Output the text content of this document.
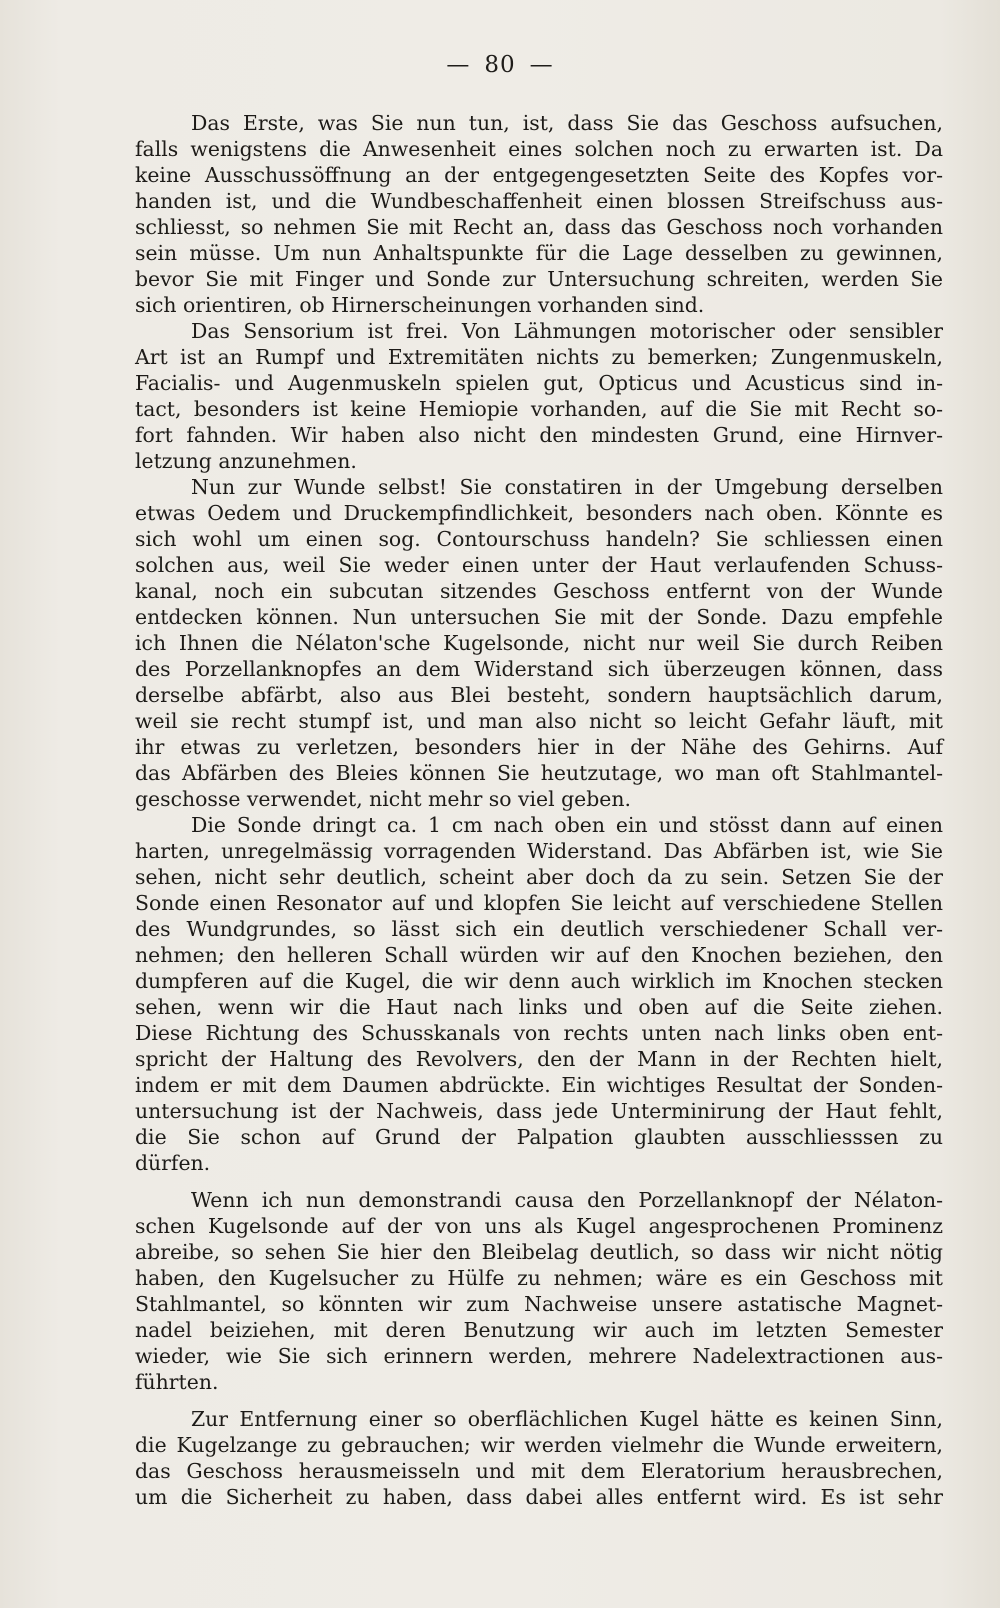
— 80 —
Das Erste, was Sie nun tun, ist, dass Sie das Geschoss aufsuchen,
falls wenigstens die Anwesenheit eines solchen noch zu erwarten ist. Da
keine Ausschussöffnung an der entgegengesetzten Seite des Kopfes vor-
handen ist, und die Wundbeschaffenheit einen blossen Streifschuss aus-
schliesst, so nehmen Sie mit Recht an, dass das Geschoss noch vorhanden
sein müsse. Um nun Anhaltspunkte für die Lage desselben zu gewinnen,
bevor Sie mit Finger und Sonde zur Untersuchung schreiten, werden Sie
sich orientiren, ob Hirnerscheinungen vorhanden sind.
Das Sensorium ist frei. Von Lähmungen motorischer oder sensibler
Art ist an Rumpf und Extremitäten nichts zu bemerken; Zungenmuskeln,
Facialis- und Augenmuskeln spielen gut, Opticus und Acusticus sind in-
tact, besonders ist keine Hemiopie vorhanden, auf die Sie mit Recht so-
fort fahnden. Wir haben also nicht den mindesten Grund, eine Hirnver-
letzung anzunehmen.
Nun zur Wunde selbst! Sie constatiren in der Umgebung derselben
etwas Oedem und Druckempfindlichkeit, besonders nach oben. Könnte es
sich wohl um einen sog. Contourschuss handeln? Sie schliessen einen
solchen aus, weil Sie weder einen unter der Haut verlaufenden Schuss-
kanal, noch ein subcutan sitzendes Geschoss entfernt von der Wunde
entdecken können. Nun untersuchen Sie mit der Sonde. Dazu empfehle
ich Ihnen die Nélaton'sche Kugelsonde, nicht nur weil Sie durch Reiben
des Porzellanknopfes an dem Widerstand sich überzeugen können, dass
derselbe abfärbt, also aus Blei besteht, sondern hauptsächlich darum,
weil sie recht stumpf ist, und man also nicht so leicht Gefahr läuft, mit
ihr etwas zu verletzen, besonders hier in der Nähe des Gehirns. Auf
das Abfärben des Bleies können Sie heutzutage, wo man oft Stahlmantel-
geschosse verwendet, nicht mehr so viel geben.
Die Sonde dringt ca. 1 cm nach oben ein und stösst dann auf einen
harten, unregelmässig vorragenden Widerstand. Das Abfärben ist, wie Sie
sehen, nicht sehr deutlich, scheint aber doch da zu sein. Setzen Sie der
Sonde einen Resonator auf und klopfen Sie leicht auf verschiedene Stellen
des Wundgrundes, so lässt sich ein deutlich verschiedener Schall ver-
nehmen; den helleren Schall würden wir auf den Knochen beziehen, den
dumpferen auf die Kugel, die wir denn auch wirklich im Knochen stecken
sehen, wenn wir die Haut nach links und oben auf die Seite ziehen.
Diese Richtung des Schusskanals von rechts unten nach links oben ent-
spricht der Haltung des Revolvers, den der Mann in der Rechten hielt,
indem er mit dem Daumen abdrückte. Ein wichtiges Resultat der Sonden-
untersuchung ist der Nachweis, dass jede Unterminirung der Haut fehlt,
die Sie schon auf Grund der Palpation glaubten ausschliesssen zu
dürfen.
Wenn ich nun demonstrandi causa den Porzellanknopf der Nélaton-
schen Kugelsonde auf der von uns als Kugel angesprochenen Prominenz
abreibe, so sehen Sie hier den Bleibelag deutlich, so dass wir nicht nötig
haben, den Kugelsucher zu Hülfe zu nehmen; wäre es ein Geschoss mit
Stahlmantel, so könnten wir zum Nachweise unsere astatische Magnet-
nadel beiziehen, mit deren Benutzung wir auch im letzten Semester
wieder, wie Sie sich erinnern werden, mehrere Nadelextractionen aus-
führten.
Zur Entfernung einer so oberflächlichen Kugel hätte es keinen Sinn,
die Kugelzange zu gebrauchen; wir werden vielmehr die Wunde erweitern,
das Geschoss herausmeisseln und mit dem Eleratorium herausbrechen,
um die Sicherheit zu haben, dass dabei alles entfernt wird. Es ist sehr
